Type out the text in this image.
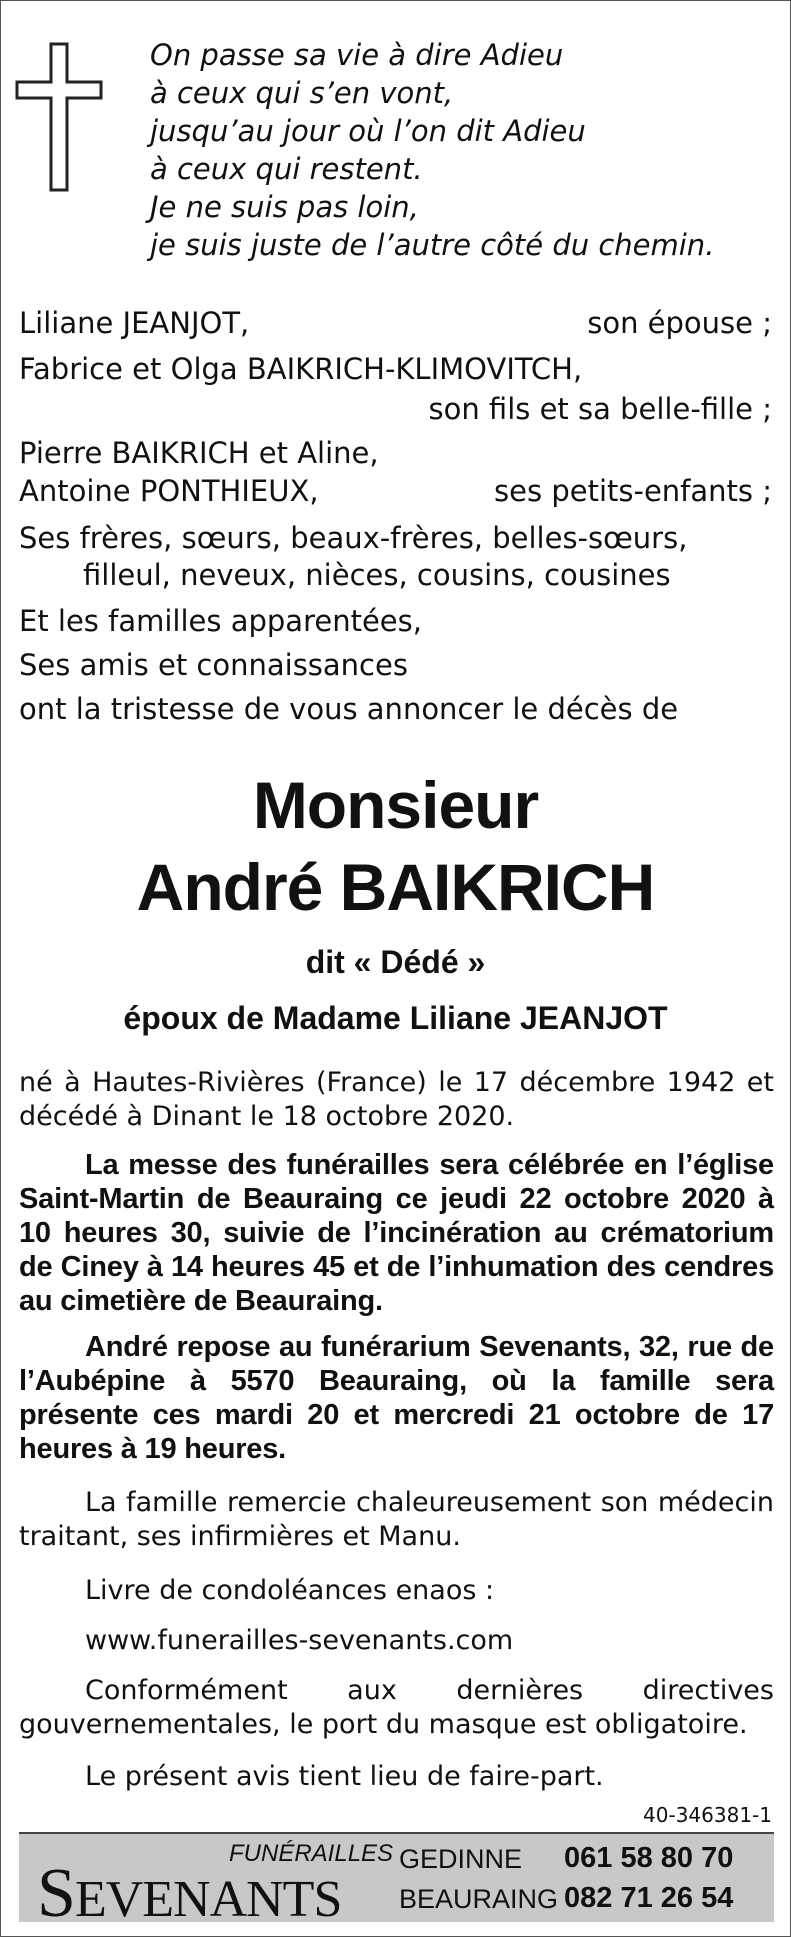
On passe sa vie à dire Adieu
à ceux qui s’en vont,
jusqu’au jour où l’on dit Adieu
à ceux qui restent.
Je ne suis pas loin,
je suis juste de l’autre côté du chemin.
Liliane JEANJOT,	son épouse ;
Fabrice et Olga BAIKRICH-KLIMOVITCH,
son fils et sa belle-fille ;
Pierre BAIKRICH et Aline,
Antoine PONTHIEUX,	ses petits-enfants ;
Ses frères, sœurs, beaux-frères, belles-sœurs,
filleul, neveux, nièces, cousins, cousines
Et les familles apparentées,
Ses amis et connaissances
ont la tristesse de vous annoncer le décès de
Monsieur
André BAIKRICH
dit « Dédé »
époux de Madame Liliane JEANJOT
né à Hautes-Rivières (France) le 17 décembre 1942 et décédé à Dinant le 18 octobre 2020.
La messe des funérailles sera célébrée en l’église Saint-Martin de Beauraing ce jeudi 22 octobre 2020 à 10 heures 30, suivie de l’incinération au crématorium de Ciney à 14 heures 45 et de l’inhumation des cendres au cimetière de Beauraing.
André repose au funérarium Sevenants, 32, rue de l’Aubépine à 5570 Beauraing, où la famille sera présente ces mardi 20 et mercredi 21 octobre de 17 heures à 19 heures.
La famille remercie chaleureusement son médecin traitant, ses infirmières et Manu.
Livre de condoléances enaos :
www.funerailles-sevenants.com
Conformément aux dernières directives gouvernementales, le port du masque est obligatoire.
Le présent avis tient lieu de faire-part.
40-346381-1
FUNÉRAILLES
SEVENANTS
GEDINNE 061 58 80 70
BEAURAING 082 71 26 54
